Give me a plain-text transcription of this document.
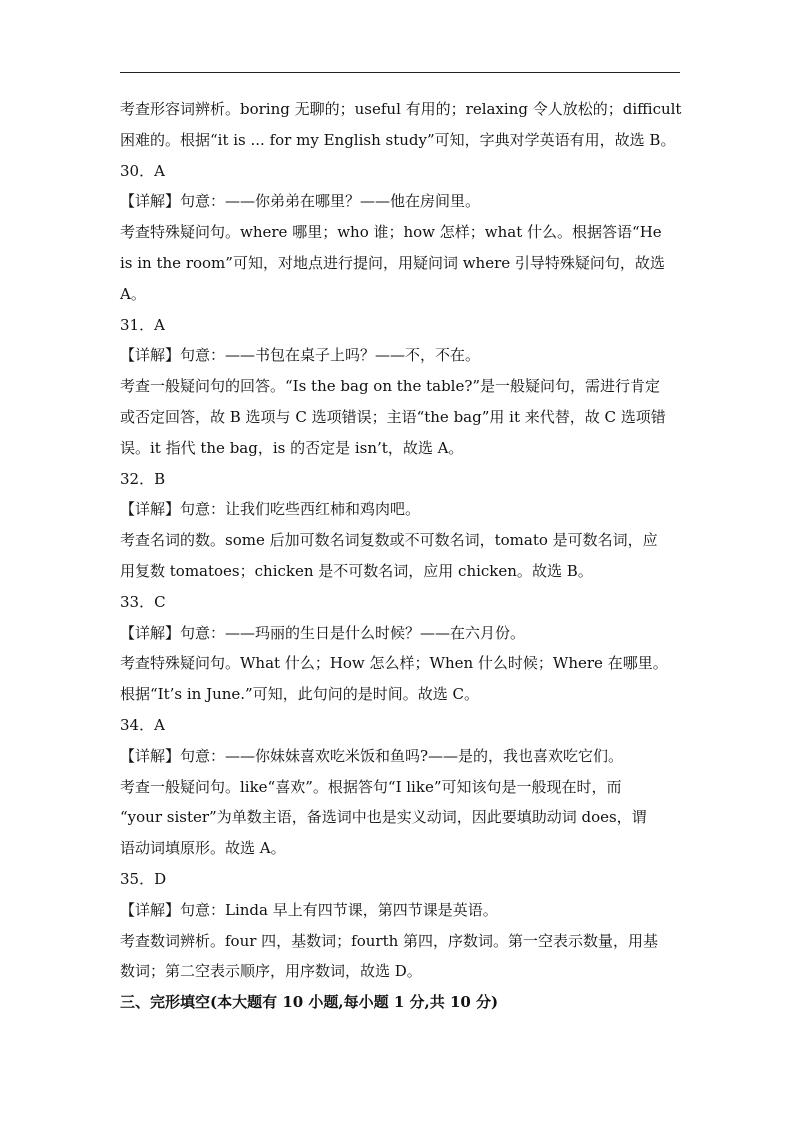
考查形容词辨析。boring 无聊的；useful 有用的；relaxing 令人放松的；difficult
困难的。根据“it is ... for my English study”可知，字典对学英语有用，故选 B。
30．A
【详解】句意：——你弟弟在哪里？——他在房间里。
考查特殊疑问句。where 哪里；who 谁；how 怎样；what 什么。根据答语“He
is in the room”可知，对地点进行提问，用疑问词 where 引导特殊疑问句，故选
A。
31．A
【详解】句意：——书包在桌子上吗？——不，不在。
考查一般疑问句的回答。“Is the bag on the table?”是一般疑问句，需进行肯定
或否定回答，故 B 选项与 C 选项错误；主语“the bag”用 it 来代替，故 C 选项错
误。it 指代 the bag，is 的否定是 isn’t，故选 A。
32．B
【详解】句意：让我们吃些西红柿和鸡肉吧。
考查名词的数。some 后加可数名词复数或不可数名词，tomato 是可数名词，应
用复数 tomatoes；chicken 是不可数名词，应用 chicken。故选 B。
33．C
【详解】句意：——玛丽的生日是什么时候？——在六月份。
考查特殊疑问句。What 什么；How 怎么样；When 什么时候；Where 在哪里。
根据“It’s in June.”可知，此句问的是时间。故选 C。
34．A
【详解】句意：——你妹妹喜欢吃米饭和鱼吗?——是的，我也喜欢吃它们。
考查一般疑问句。like“喜欢”。根据答句“I like”可知该句是一般现在时，而
“your sister”为单数主语，备选词中也是实义动词，因此要填助动词 does，谓
语动词填原形。故选 A。
35．D
【详解】句意：Linda 早上有四节课，第四节课是英语。
考查数词辨析。four 四，基数词；fourth 第四，序数词。第一空表示数量，用基
数词；第二空表示顺序，用序数词，故选 D。
三、完形填空(本大题有 10 小题,每小题 1 分,共 10 分)
